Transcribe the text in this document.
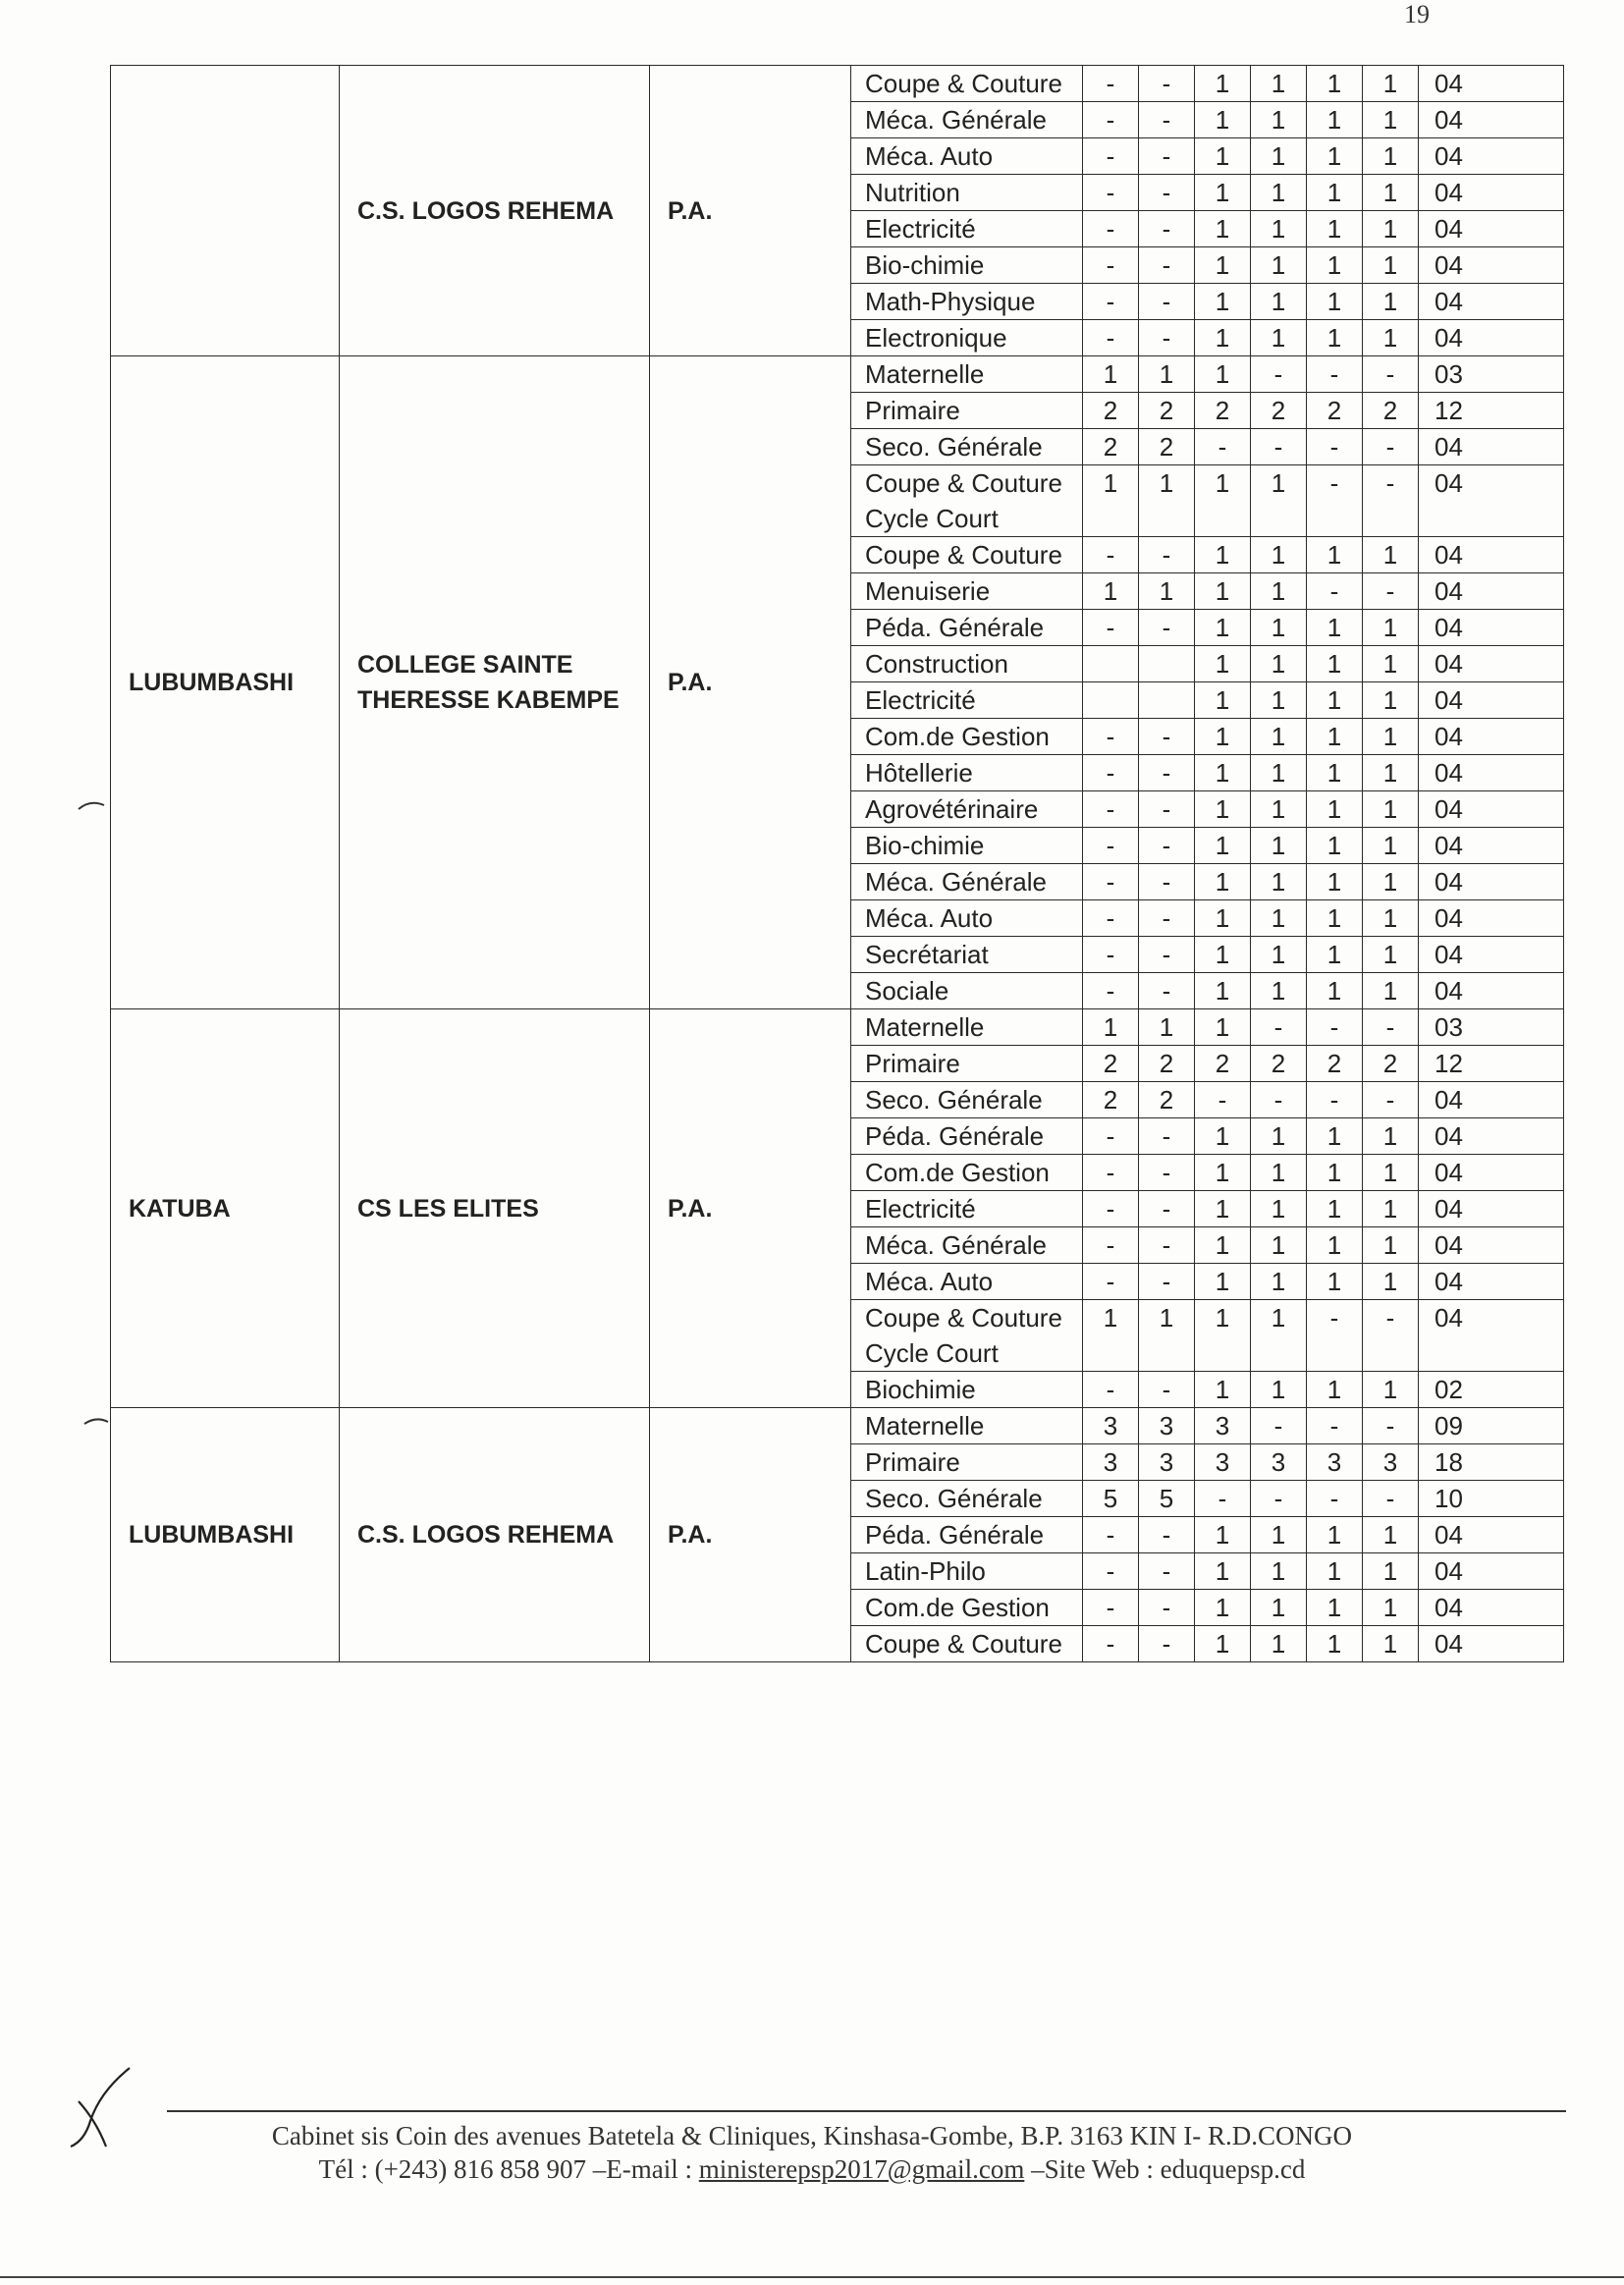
19
	C.S. LOGOS REHEMA	P.A.	Coupe & Couture	-	-	1	1	1	1	04
			Méca. Générale	-	-	1	1	1	1	04
			Méca. Auto	-	-	1	1	1	1	04
			Nutrition	-	-	1	1	1	1	04
			Electricité	-	-	1	1	1	1	04
			Bio-chimie	-	-	1	1	1	1	04
			Math-Physique	-	-	1	1	1	1	04
			Electronique	-	-	1	1	1	1	04
LUBUMBASHI	COLLEGE SAINTE THERESSE KABEMPE	P.A.	Maternelle	1	1	1	-	-	-	03
			Primaire	2	2	2	2	2	2	12
			Seco. Générale	2	2	-	-	-	-	04
			Coupe & Couture Cycle Court	1	1	1	1	-	-	04
			Coupe & Couture	-	-	1	1	1	1	04
			Menuiserie	1	1	1	1	-	-	04
			Péda. Générale	-	-	1	1	1	1	04
			Construction			1	1	1	1	04
			Electricité			1	1	1	1	04
			Com.de Gestion	-	-	1	1	1	1	04
			Hôtellerie	-	-	1	1	1	1	04
			Agrovétérinaire	-	-	1	1	1	1	04
			Bio-chimie	-	-	1	1	1	1	04
			Méca. Générale	-	-	1	1	1	1	04
			Méca. Auto	-	-	1	1	1	1	04
			Secrétariat	-	-	1	1	1	1	04
			Sociale	-	-	1	1	1	1	04
KATUBA	CS LES ELITES	P.A.	Maternelle	1	1	1	-	-	-	03
			Primaire	2	2	2	2	2	2	12
			Seco. Générale	2	2	-	-	-	-	04
			Péda. Générale	-	-	1	1	1	1	04
			Com.de Gestion	-	-	1	1	1	1	04
			Electricité	-	-	1	1	1	1	04
			Méca. Générale	-	-	1	1	1	1	04
			Méca. Auto	-	-	1	1	1	1	04
			Coupe & Couture Cycle Court	1	1	1	1	-	-	04
			Biochimie	-	-	1	1	1	1	02
LUBUMBASHI	C.S. LOGOS REHEMA	P.A.	Maternelle	3	3	3	-	-	-	09
			Primaire	3	3	3	3	3	3	18
			Seco. Générale	5	5	-	-	-	-	10
			Péda. Générale	-	-	1	1	1	1	04
			Latin-Philo	-	-	1	1	1	1	04
			Com.de Gestion	-	-	1	1	1	1	04
			Coupe & Couture	-	-	1	1	1	1	04
Cabinet sis Coin des avenues Batetela & Cliniques, Kinshasa-Gombe, B.P. 3163 KIN I- R.D.CONGO
Tél : (+243) 816 858 907 –E-mail : ministerepsp2017@gmail.com –Site Web : eduquepsp.cd
